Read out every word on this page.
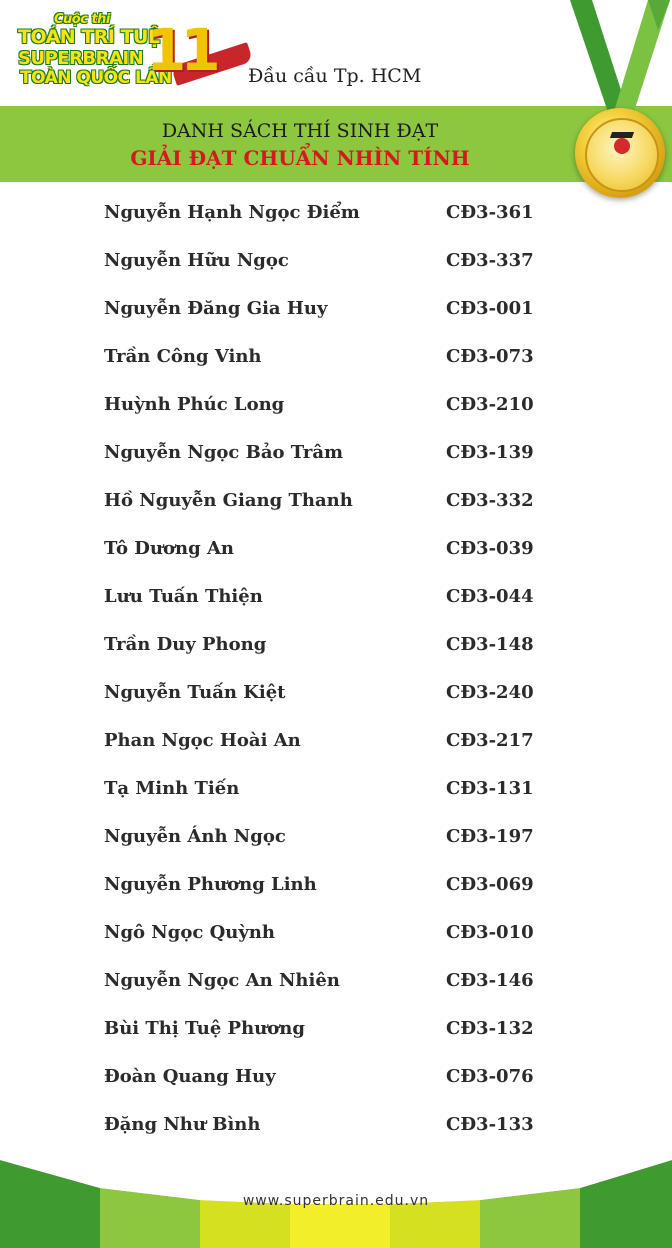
Cuộc thi
TOÁN TRÍ TUỆ
SUPERBRAIN
TOÀN QUỐC LẦN
11 Đầu cầu Tp. HCM
DANH SÁCH THÍ SINH ĐẠT
GIẢI ĐẠT CHUẨN NHÌN TÍNH
Nguyễn Hạnh Ngọc Điểm	CĐ3-361
Nguyễn Hữu Ngọc	CĐ3-337
Nguyễn Đăng Gia Huy	CĐ3-001
Trần Công Vinh	CĐ3-073
Huỳnh Phúc Long	CĐ3-210
Nguyễn Ngọc Bảo Trâm	CĐ3-139
Hồ Nguyễn Giang Thanh	CĐ3-332
Tô Dương An	CĐ3-039
Lưu Tuấn Thiện	CĐ3-044
Trần Duy Phong	CĐ3-148
Nguyễn Tuấn Kiệt	CĐ3-240
Phan Ngọc Hoài An	CĐ3-217
Tạ Minh Tiến	CĐ3-131
Nguyễn Ánh Ngọc	CĐ3-197
Nguyễn Phương Linh	CĐ3-069
Ngô Ngọc Quỳnh	CĐ3-010
Nguyễn Ngọc An Nhiên	CĐ3-146
Bùi Thị Tuệ Phương	CĐ3-132
Đoàn Quang Huy	CĐ3-076
Đặng Như Bình	CĐ3-133
www.superbrain.edu.vn
